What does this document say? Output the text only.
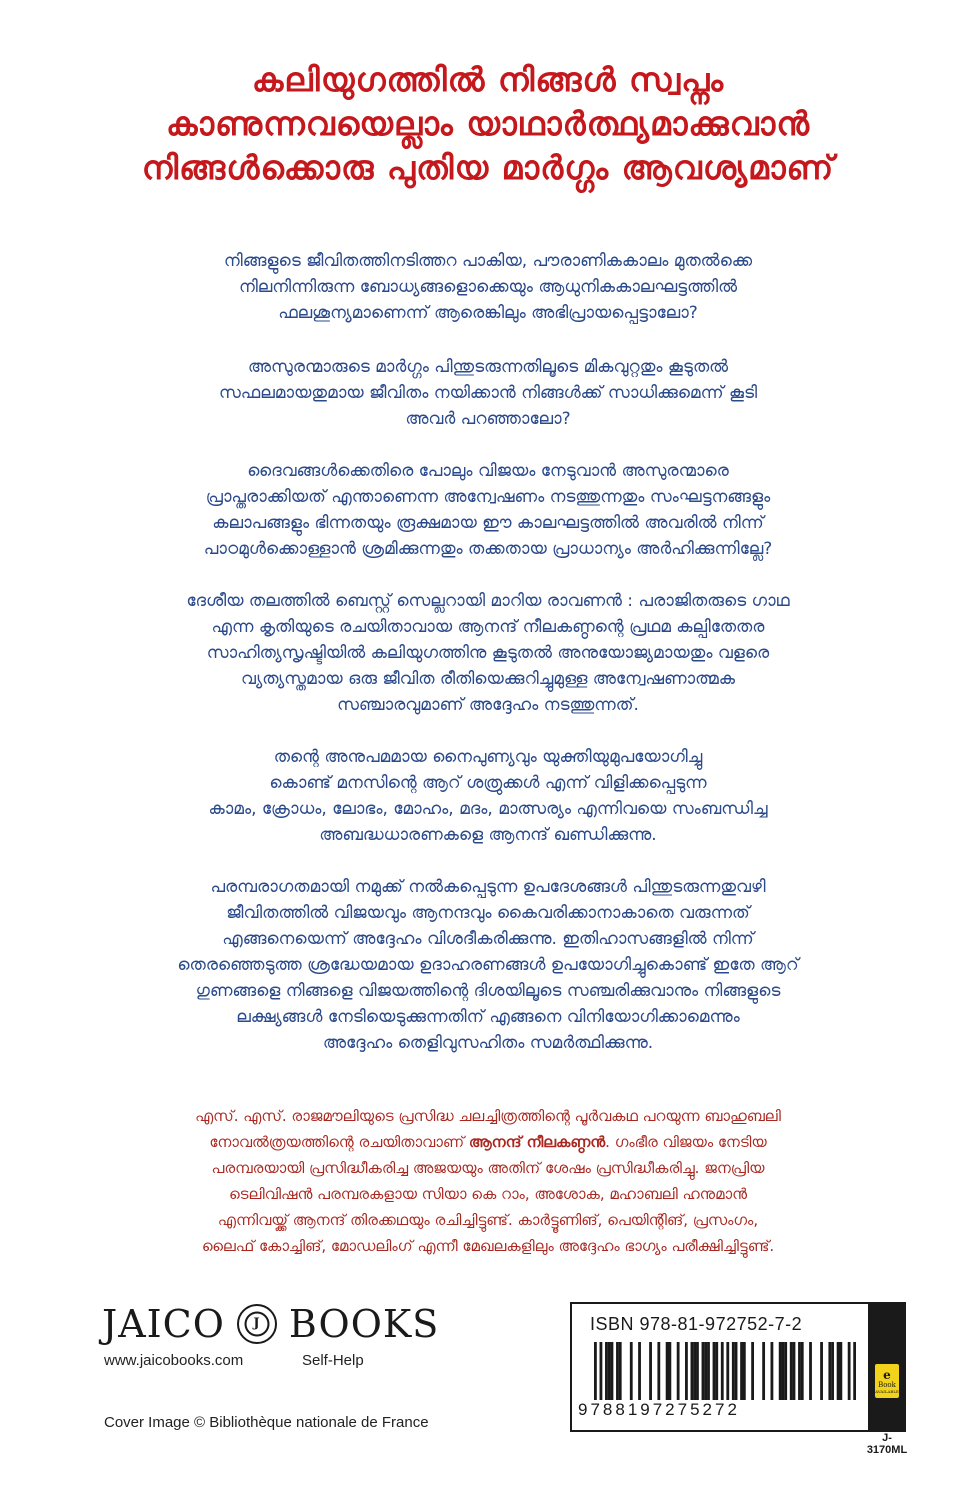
കലിയുഗത്തിൽ നിങ്ങൾ സ്വപ്നം
കാണുന്നവയെല്ലാം യാഥാർത്ഥ്യമാക്കുവാൻ
നിങ്ങൾക്കൊരു പുതിയ മാർഗ്ഗം ആവശ്യമാണ്
നിങ്ങളുടെ ജീവിതത്തിനടിത്തറ പാകിയ, പൗരാണികകാലം മുതൽക്കെ
നിലനിന്നിരുന്ന ബോധ്യങ്ങളൊക്കെയും ആധുനികകാലഘട്ടത്തിൽ
ഫലശൂന്യമാണെന്ന് ആരെങ്കിലും അഭിപ്രായപ്പെട്ടാലോ?
അസുരന്മാരുടെ മാർഗ്ഗം പിന്തുടരുന്നതിലൂടെ മികവുറ്റതും കൂടുതൽ
സഫലമായതുമായ ജീവിതം നയിക്കാൻ നിങ്ങൾക്ക് സാധിക്കുമെന്ന് കൂടി
അവർ പറഞ്ഞാലോ?
ദൈവങ്ങൾക്കെതിരെ പോലും വിജയം നേടുവാൻ അസുരന്മാരെ
പ്രാപ്തരാക്കിയത് എന്താണെന്ന അന്വേഷണം നടത്തുന്നതും സംഘട്ടനങ്ങളും
കലാപങ്ങളും ഭിന്നതയും രൂക്ഷമായ ഈ കാലഘട്ടത്തിൽ അവരിൽ നിന്ന്
പാഠമുൾക്കൊള്ളാൻ ശ്രമിക്കുന്നതും തക്കതായ പ്രാധാന്യം അർഹിക്കുന്നില്ലേ?
ദേശീയ തലത്തിൽ ബെസ്റ്റ് സെല്ലറായി മാറിയ രാവണൻ : പരാജിതരുടെ ഗാഥ
എന്ന കൃതിയുടെ രചയിതാവായ ആനന്ദ് നീലകണ്ഠന്റെ പ്രഥമ കല്പിതേതര
സാഹിത്യസൃഷ്ടിയിൽ കലിയുഗത്തിനു കൂടുതൽ അനുയോജ്യമായതും വളരെ
വ്യത്യസ്തമായ ഒരു ജീവിത രീതിയെക്കുറിച്ചുമുള്ള അന്വേഷണാത്മക
സഞ്ചാരവുമാണ് അദ്ദേഹം നടത്തുന്നത്.
തന്റെ അനുപമമായ നൈപുണ്യവും യുക്തിയുമുപയോഗിച്ചു
കൊണ്ട് മനസിന്റെ ആറ് ശത്രുക്കൾ എന്ന് വിളിക്കപ്പെടുന്ന
കാമം, ക്രോധം, ലോഭം, മോഹം, മദം, മാത്സര്യം എന്നിവയെ സംബന്ധിച്ച
അബദ്ധധാരണകളെ ആനന്ദ് ഖണ്ഡിക്കുന്നു.
പരമ്പരാഗതമായി നമുക്ക് നൽകപ്പെടുന്ന ഉപദേശങ്ങൾ പിന്തുടരുന്നതുവഴി
ജീവിതത്തിൽ വിജയവും ആനന്ദവും കൈവരിക്കാനാകാതെ വരുന്നത്
എങ്ങനെയെന്ന് അദ്ദേഹം വിശദീകരിക്കുന്നു. ഇതിഹാസങ്ങളിൽ നിന്ന്
തെരഞ്ഞെടുത്ത ശ്രദ്ധേയമായ ഉദാഹരണങ്ങൾ ഉപയോഗിച്ചുകൊണ്ട് ഇതേ ആറ്
ഗുണങ്ങളെ നിങ്ങളെ വിജയത്തിന്റെ ദിശയിലൂടെ സഞ്ചരിക്കുവാനും നിങ്ങളുടെ
ലക്ഷ്യങ്ങൾ നേടിയെടുക്കുന്നതിന് എങ്ങനെ വിനിയോഗിക്കാമെന്നും
അദ്ദേഹം തെളിവുസഹിതം സമർത്ഥിക്കുന്നു.
എസ്. എസ്. രാജമൗലിയുടെ പ്രസിദ്ധ ചലച്ചിത്രത്തിന്റെ പൂർവകഥ പറയുന്ന ബാഹുബലി
നോവൽത്രയത്തിന്റെ രചയിതാവാണ് ആനന്ദ് നീലകണ്ഠൻ. ഗംഭീര വിജയം നേടിയ
പരമ്പരയായി പ്രസിദ്ധീകരിച്ച അജയയും അതിന് ശേഷം പ്രസിദ്ധീകരിച്ചു. ജനപ്രിയ
ടെലിവിഷൻ പരമ്പരകളായ സിയാ കെ റാം, അശോക, മഹാബലി ഹനുമാൻ
എന്നിവയ്ക്ക് ആനന്ദ് തിരക്കഥയും രചിച്ചിട്ടുണ്ട്. കാർട്ടൂണിങ്, പെയിന്റിങ്, പ്രസംഗം,
ലൈഫ് കോച്ചിങ്, മോഡലിംഗ് എന്നീ മേഖലകളിലും അദ്ദേഹം ഭാഗ്യം പരീക്ഷിച്ചിട്ടുണ്ട്.
JAICO	J BOOKS
www.jaicobooks.com	Self-Help
Cover Image © Bibliothèque nationale de France
ISBN 978-81-972752-7-2
9788197275272
e
Book
AVAILABLE
J-3170ML
